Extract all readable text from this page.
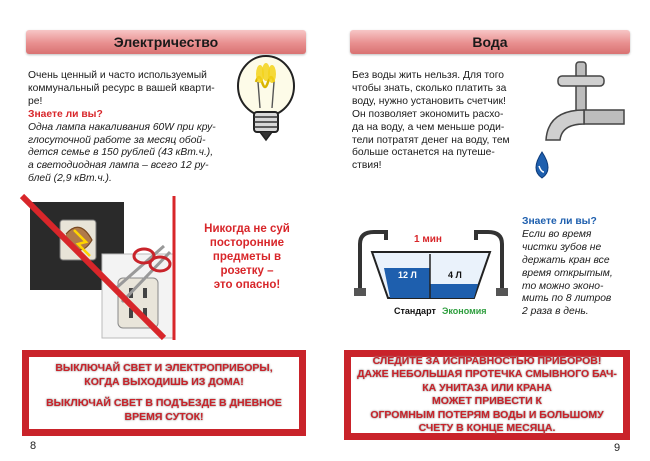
Электричество
Очень ценный и часто используемый
коммунальный ресурс в вашей кварти-
ре!
Знаете ли вы?
Одна лампа накаливания 60W при кру-
глосуточной работе за месяц обой-
дется семье в 150 рублей (43 кВт.ч.),
а светодиодная лампа – всего 12 ру-
блей (2,9 кВт.ч.).
Никогда не суй
посторонние
предметы в
розетку –
это опасно!
ВЫКЛЮЧАЙ СВЕТ И ЭЛЕКТРОПРИБОРЫ,
КОГДА ВЫХОДИШЬ ИЗ ДОМА!
ВЫКЛЮЧАЙ СВЕТ В ПОДЪЕЗДЕ В ДНЕВНОЕ
ВРЕМЯ СУТОК!
8
Вода
Без воды жить нельзя. Для того
чтобы знать, сколько платить за
воду, нужно установить счетчик!
Он позволяет экономить расхо-
да на воду, а чем меньше роди-
тели потратят денег на воду, тем
больше останется на путеше-
ствия!
1 мин
12 Л	4 Л
Стандарт Экономия
Знаете ли вы?
Если во время
чистки зубов не
держать кран все
время открытым,
то можно эконо-
мить по 8 литров
2 раза в день.
СЛЕДИТЕ ЗА ИСПРАВНОСТЬЮ ПРИБОРОВ!
ДАЖЕ НЕБОЛЬШАЯ ПРОТЕЧКА СМЫВНОГО БАЧ-
КА УНИТАЗА ИЛИ КРАНА
МОЖЕТ ПРИВЕСТИ К
ОГРОМНЫМ ПОТЕРЯМ ВОДЫ И БОЛЬШОМУ
СЧЕТУ В КОНЦЕ МЕСЯЦА.
9
